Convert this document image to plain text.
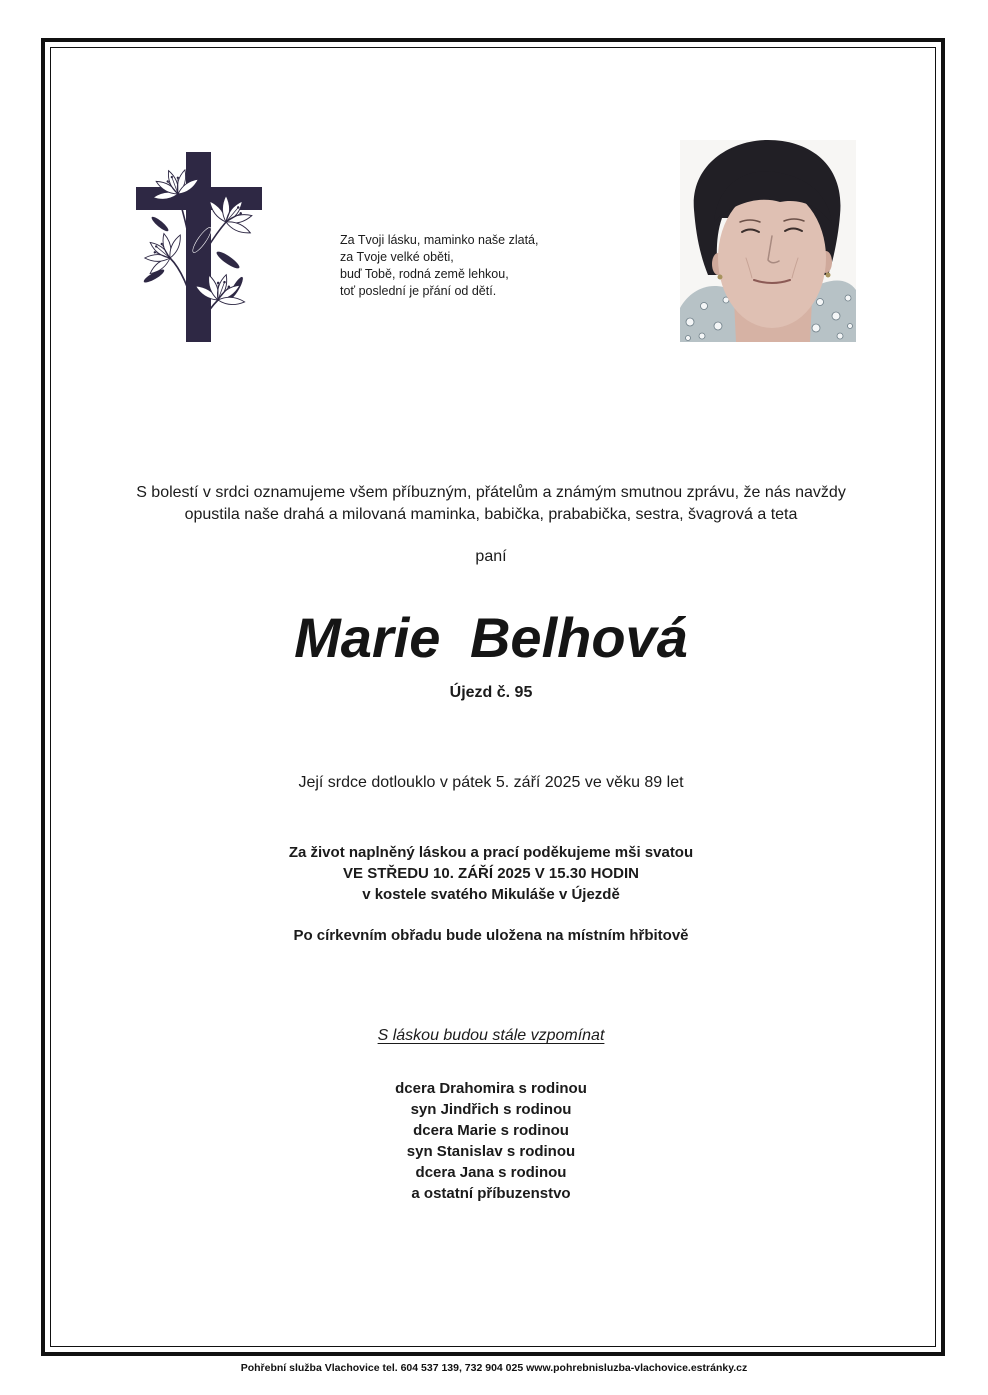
Za Tvoji lásku, maminko naše zlatá,
za Tvoje velké oběti,
buď Tobě, rodná země lehkou,
toť poslední je přání od dětí.
S bolestí v srdci oznamujeme všem příbuzným, přátelům a známým smutnou zprávu, že nás navždy
opustila naše drahá a milovaná maminka, babička, prababička, sestra, švagrová a teta
paní
Marie Belhová
Újezd č. 95
Její srdce dotlouklo v pátek 5. září 2025 ve věku 89 let
Za život naplněný láskou a prací poděkujeme mši svatou
VE STŘEDU 10. ZÁŘÍ 2025 V 15.30 HODIN
v kostele svatého Mikuláše v Újezdě
Po církevním obřadu bude uložena na místním hřbitově
S láskou budou stále vzpomínat
dcera Drahomira s rodinou
syn Jindřich s rodinou
dcera Marie s rodinou
syn Stanislav s rodinou
dcera Jana s rodinou
a ostatní příbuzenstvo
Pohřební služba Vlachovice tel. 604 537 139, 732 904 025 www.pohrebnisluzba-vlachovice.estránky.cz
